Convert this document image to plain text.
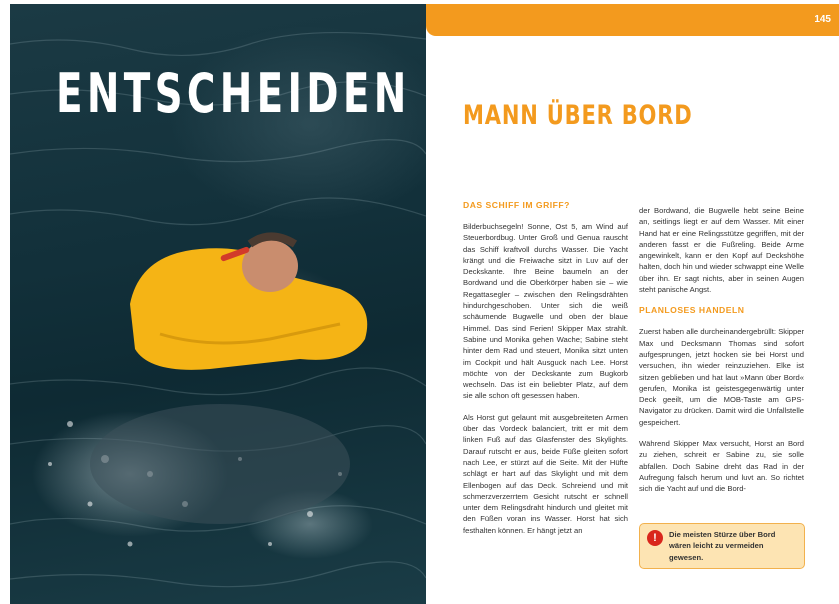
ENTSCHEIDEN
145
MANN ÜBER BORD

DAS SCHIFF IM GRIFF?

Bilderbuchsegeln! Sonne, Ost 5, am Wind auf Steuerbordbug. Unter Groß und Genua rauscht das Schiff kraftvoll durchs Wasser. Die Yacht krängt und die Freiwache sitzt in Luv auf der Deckskante. Ihre Beine baumeln an der Bordwand und die Oberkörper haben sie – wie Regattasegler – zwischen den Relingsdrähten hindurchgeschoben. Unter sich die weiß schäumende Bugwelle und oben der blaue Himmel. Das sind Ferien! Skipper Max strahlt. Sabine und Monika gehen Wache; Sabine steht hinter dem Rad und steuert, Monika sitzt unten im Cockpit und hält Ausguck nach Lee. Horst möchte von der Deckskante zum Bugkorb wechseln. Das ist ein beliebter Platz, auf dem sie alle schon oft gesessen haben.

Als Horst gut gelaunt mit ausgebreiteten Armen über das Vordeck balanciert, tritt er mit dem linken Fuß auf das Glasfenster des Skylights. Darauf rutscht er aus, beide Füße gleiten sofort nach Lee, er stürzt auf die Seite. Mit der Hüfte schlägt er hart auf das Skylight und mit dem Ellenbogen auf das Deck. Schreiend und mit schmerzverzerrtem Gesicht rutscht er schnell unter dem Relingsdraht hindurch und gleitet mit den Füßen voran ins Wasser. Horst hat sich festhalten können. Er hängt jetzt an

der Bordwand, die Bugwelle hebt seine Beine an, seitlings liegt er auf dem Wasser. Mit einer Hand hat er eine Relingsstütze gegriffen, mit der anderen fasst er die Fußreling. Beide Arme angewinkelt, kann er den Kopf auf Deckshöhe halten, doch hin und wieder schwappt eine Welle über ihn. Er sagt nichts, aber in seinen Augen steht panische Angst.

PLANLOSES HANDELN

Zuerst haben alle durcheinandergebrüllt: Skipper Max und Decksmann Thomas sind sofort aufgesprungen, jetzt hocken sie bei Horst und versuchen, ihn wieder reinzuziehen. Elke ist sitzen geblieben und hat laut »Mann über Bord« gerufen, Monika ist geistesgegenwärtig unter Deck geeilt, um die MOB-Taste am GPS-Navigator zu drücken. Damit wird die Unfallstelle gespeichert.

Während Skipper Max versucht, Horst an Bord zu ziehen, schreit er Sabine zu, sie solle abfallen. Doch Sabine dreht das Rad in der Aufregung falsch herum und luvt an. So richtet sich die Yacht auf und die Bord-

!	Die meisten Stürze über Bord wären leicht zu vermeiden gewesen.
